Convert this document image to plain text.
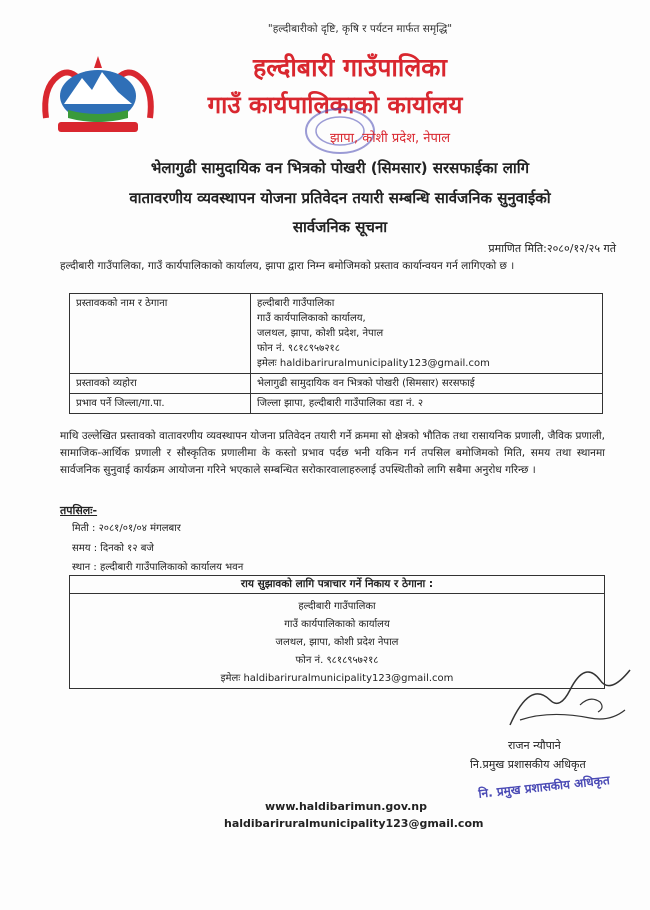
"हल्दीबारीको दृष्टि, कृषि र पर्यटन मार्फत समृद्धि"
हल्दीबारी गाउँपालिका
गाउँ कार्यपालिकाको कार्यालय
झापा, कोशी प्रदेश, नेपाल
भेलागुढी सामुदायिक वन भित्रको पोखरी (सिमसार) सरसफाईका लागि
वातावरणीय व्यवस्थापन योजना प्रतिवेदन तयारी सम्बन्धि सार्वजनिक सुनुवाईको
सार्वजनिक सूचना
प्रमाणित मिति:२०८०/१२/२५ गते
हल्दीबारी गाउँपालिका, गाउँ कार्यपालिकाको कार्यालय, झापा द्वारा निम्न बमोजिमको प्रस्ताव कार्यान्वयन गर्न लागिएको छ ।
प्रस्तावकको नाम र ठेगाना	हल्दीबारी गाउँपालिका
गाउँ कार्यपालिकाको कार्यालय,
जलथल, झापा, कोशी प्रदेश, नेपाल
फोन नं. ९८१८९५७२१८
इमेलः haldibariruralmunicipality123@gmail.com

प्रस्तावको व्यहोरा	भेलागुढी सामुदायिक वन भित्रको पोखरी (सिमसार) सरसफाई
प्रभाव पर्ने जिल्ला/गा.पा.	जिल्ला झापा, हल्दीबारी गाउँपालिका वडा नं. २
माथि उल्लेखित प्रस्तावको वातावरणीय व्यवस्थापन योजना प्रतिवेदन तयारी गर्ने क्रममा सो क्षेत्रको भौतिक तथा रासायनिक प्रणाली, जैविक प्रणाली, सामाजिक-आर्थिक प्रणाली र सौस्कृतिक प्रणालीमा के कस्तो प्रभाव पर्दछ भनी यकिन गर्न तपसिल बमोजिमको मिति, समय तथा स्थानमा सार्वजनिक सुनुवाई कार्यक्रम आयोजना गरिने भएकाले सम्बन्धित सरोकारवालाहरुलाई उपस्थितीको लागि सबैमा अनुरोध गरिन्छ ।
तपसिलः-
मिती : २०८१/०१/०४ मंगलबार
समय : दिनको १२ बजे
स्थान : हल्दीबारी गाउँपालिकाको कार्यालय भवन
राय सुझावको लागि पत्राचार गर्ने निकाय र ठेगाना :
हल्दीबारी गाउँपालिका
गाउँ कार्यपालिकाको कार्यालय
जलथल, झापा, कोशी प्रदेश नेपाल
फोन नं. ९८१८९५७२१८
इमेलः haldibariruralmunicipality123@gmail.com
राजन न्यौपाने
नि.प्रमुख प्रशासकीय अधिकृत
नि. प्रमुख प्रशासकीय अधिकृत
www.haldibarimun.gov.np
haldibariruralmunicipality123@gmail.com
